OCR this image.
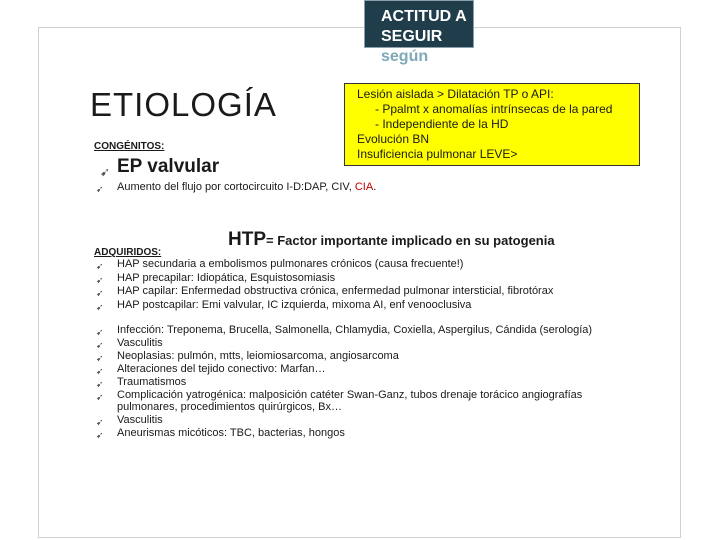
ACTITUD A SEGUIR
según
ETIOLOGÍA	Lesión aislada > Dilatación TP o API:

- Ppalmt x anomalías intrínsecas de la pared
- Independiente de la HD
Evolución BN
Insuficiencia pulmonar LEVE>
CONGÉNITOS:
➹ EP valvular
➹ Aumento del flujo por cortocircuito I-D:DAP, CIV, CIA.
HTP= Factor importante implicado en su patogenia
ADQUIRIDOS:
➹ HAP secundaria a embolismos pulmonares crónicos (causa frecuente!)
➹ HAP precapilar: Idiopática, Esquistosomiasis
➹ HAP capilar: Enfermedad obstructiva crónica, enfermedad pulmonar intersticial, fibrotórax
➹ HAP postcapilar: Emi valvular, IC izquierda, mixoma AI, enf venooclusiva
➹ Infección: Treponema, Brucella, Salmonella, Chlamydia, Coxiella, Aspergilus, Cándida (serología)
➹ Vasculitis
➹ Neoplasias: pulmón, mtts, leiomiosarcoma, angiosarcoma
➹ Alteraciones del tejido conectivo: Marfan…
➹ Traumatismos
➹ Complicación yatrogénica: malposición catéter Swan-Ganz, tubos drenaje torácico angiografías
pulmonares, procedimientos quirúrgicos, Bx…
➹ Vasculitis
➹ Aneurismas micóticos: TBC, bacterias, hongos
